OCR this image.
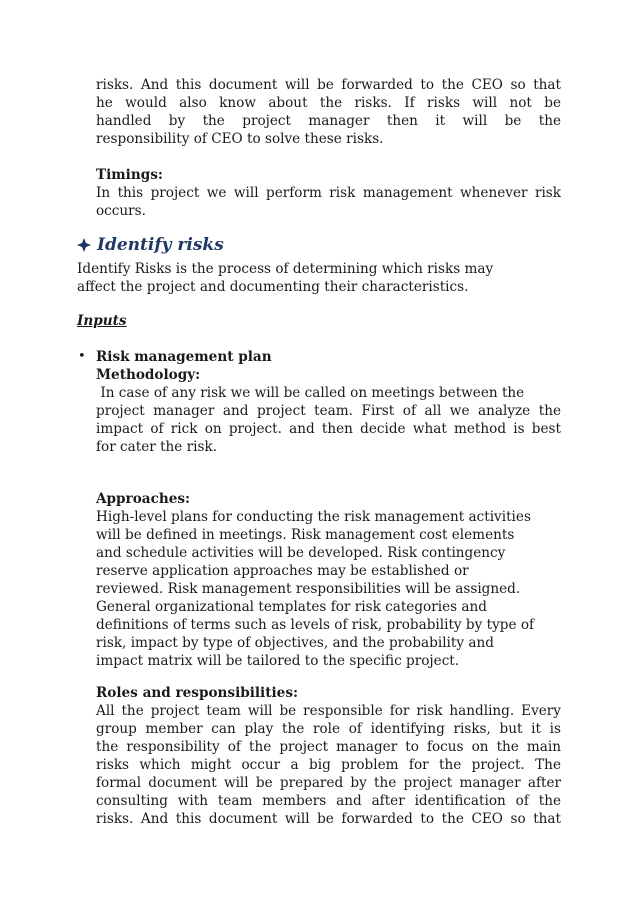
risks. And this document will be forwarded to the CEO so that
he would also know about the risks. If risks will not be
handled by the project manager then it will be the
responsibility of CEO to solve these risks.
Timings:
In this project we will perform risk management whenever risk
occurs.
Identify risks
Identify Risks is the process of determining which risks may
affect the project and documenting their characteristics.
Inputs
• Risk management plan
Methodology:
In case of any risk we will be called on meetings between the
project manager and project team. First of all we analyze the
impact of rick on project. and then decide what method is best
for cater the risk.
Approaches:
High-level plans for conducting the risk management activities
will be defined in meetings. Risk management cost elements
and schedule activities will be developed. Risk contingency
reserve application approaches may be established or
reviewed. Risk management responsibilities will be assigned.
General organizational templates for risk categories and
definitions of terms such as levels of risk, probability by type of
risk, impact by type of objectives, and the probability and
impact matrix will be tailored to the specific project.
Roles and responsibilities:
All the project team will be responsible for risk handling. Every
group member can play the role of identifying risks, but it is
the responsibility of the project manager to focus on the main
risks which might occur a big problem for the project. The
formal document will be prepared by the project manager after
consulting with team members and after identification of the
risks. And this document will be forwarded to the CEO so that
